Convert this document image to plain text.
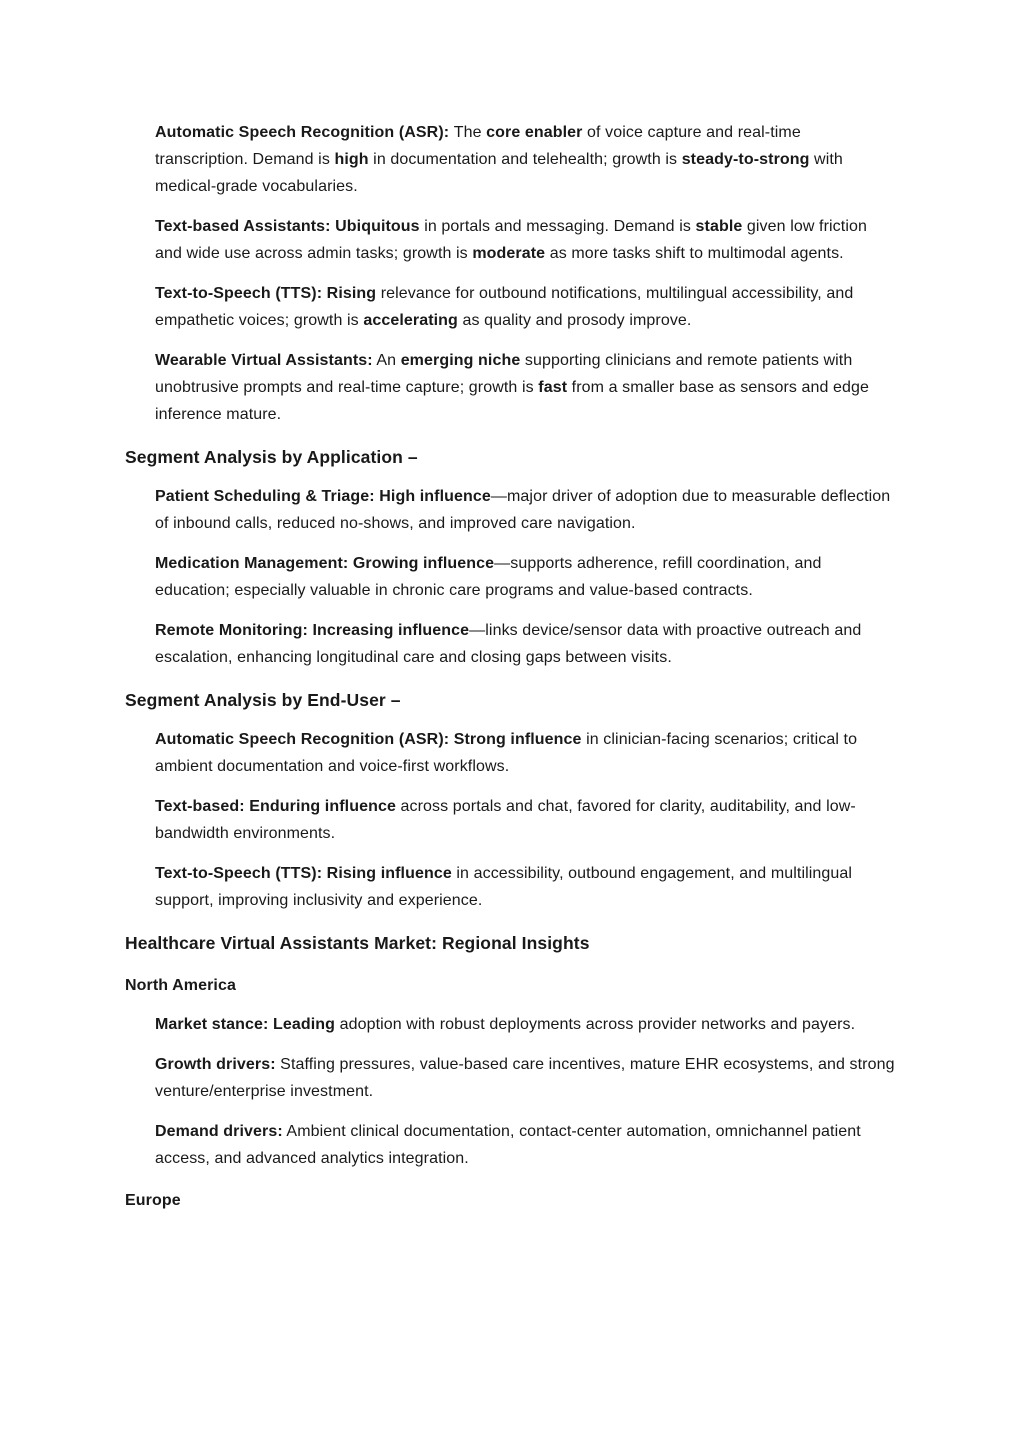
Automatic Speech Recognition (ASR): The core enabler of voice capture and real-time transcription. Demand is high in documentation and telehealth; growth is steady-to-strong with medical-grade vocabularies.
Text-based Assistants: Ubiquitous in portals and messaging. Demand is stable given low friction and wide use across admin tasks; growth is moderate as more tasks shift to multimodal agents.
Text-to-Speech (TTS): Rising relevance for outbound notifications, multilingual accessibility, and empathetic voices; growth is accelerating as quality and prosody improve.
Wearable Virtual Assistants: An emerging niche supporting clinicians and remote patients with unobtrusive prompts and real-time capture; growth is fast from a smaller base as sensors and edge inference mature.
Segment Analysis by Application –
Patient Scheduling & Triage: High influence—major driver of adoption due to measurable deflection of inbound calls, reduced no-shows, and improved care navigation.
Medication Management: Growing influence—supports adherence, refill coordination, and education; especially valuable in chronic care programs and value-based contracts.
Remote Monitoring: Increasing influence—links device/sensor data with proactive outreach and escalation, enhancing longitudinal care and closing gaps between visits.
Segment Analysis by End-User –
Automatic Speech Recognition (ASR): Strong influence in clinician-facing scenarios; critical to ambient documentation and voice-first workflows.
Text-based: Enduring influence across portals and chat, favored for clarity, auditability, and low-bandwidth environments.
Text-to-Speech (TTS): Rising influence in accessibility, outbound engagement, and multilingual support, improving inclusivity and experience.
Healthcare Virtual Assistants Market: Regional Insights
North America
Market stance: Leading adoption with robust deployments across provider networks and payers.
Growth drivers: Staffing pressures, value-based care incentives, mature EHR ecosystems, and strong venture/enterprise investment.
Demand drivers: Ambient clinical documentation, contact-center automation, omnichannel patient access, and advanced analytics integration.
Europe
